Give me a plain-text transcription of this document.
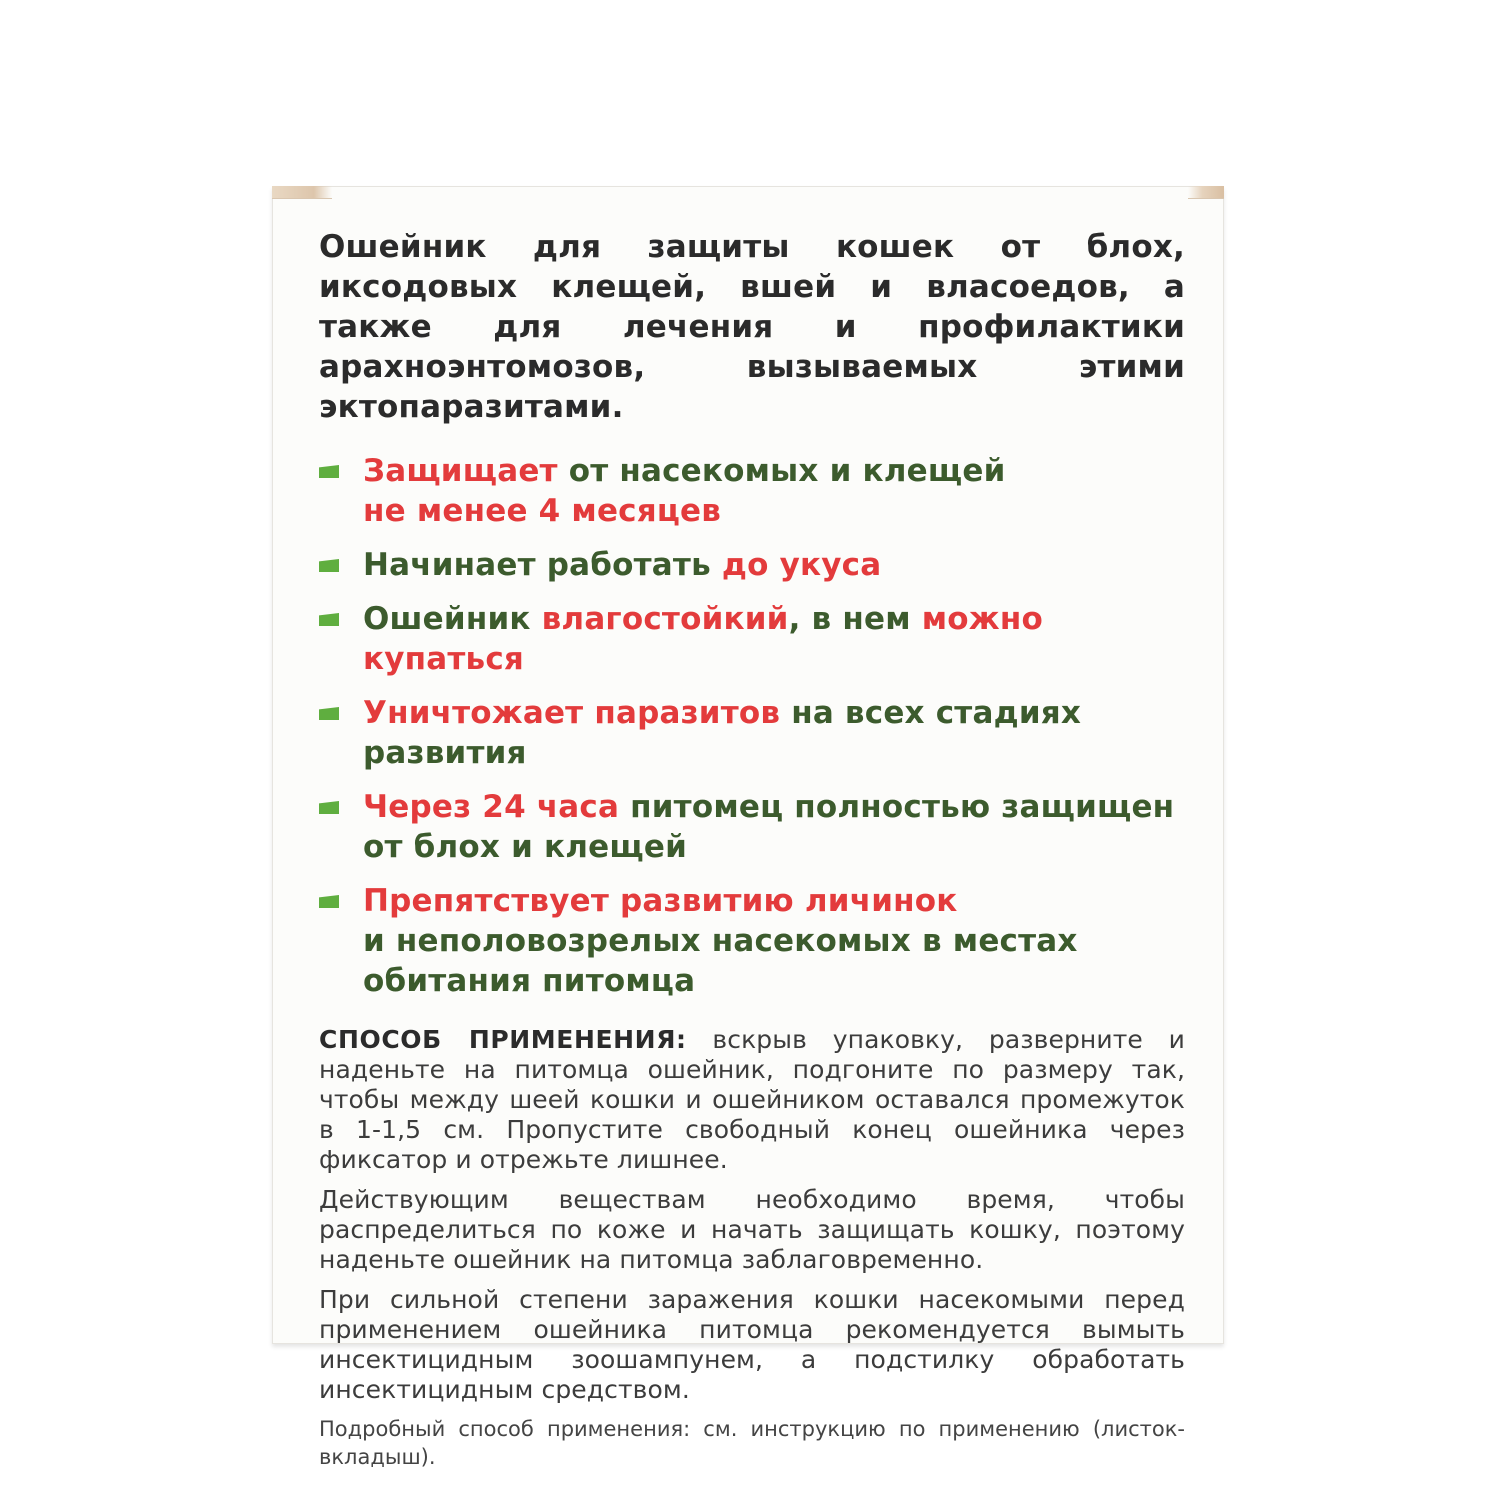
Ошейник для защиты кошек от блох, иксодовых клещей, вшей и власоедов, а также для лечения и профилактики арахноэнтомозов, вызываемых этими эктопаразитами.

Защищает от насекомых и клещей
не менее 4 месяцев
Начинает работать до укуса
Ошейник влагостойкий, в нем можно купаться
Уничтожает паразитов на всех стадиях развития
Через 24 часа питомец полностью защищен от блох и клещей
Препятствует развитию личинок
и неполовозрелых насекомых в местах обитания питомца

СПОСОБ ПРИМЕНЕНИЯ: вскрыв упаковку, разверните и наденьте на питомца ошейник, подгоните по размеру так, чтобы между шеей кошки и ошейником оставался промежуток в 1-1,5 см. Пропустите свободный конец ошейника через фиксатор и отрежьте лишнее.

Действующим веществам необходимо время, чтобы распределиться по коже и начать защищать кошку, поэтому наденьте ошейник на питомца заблаговременно.

При сильной степени заражения кошки насекомыми перед применением ошейника питомца рекомендуется вымыть инсектицидным зоошампунем, а подстилку обработать инсектицидным средством.

Подробный способ применения: см. инструкцию по применению (листок-вкладыш).
